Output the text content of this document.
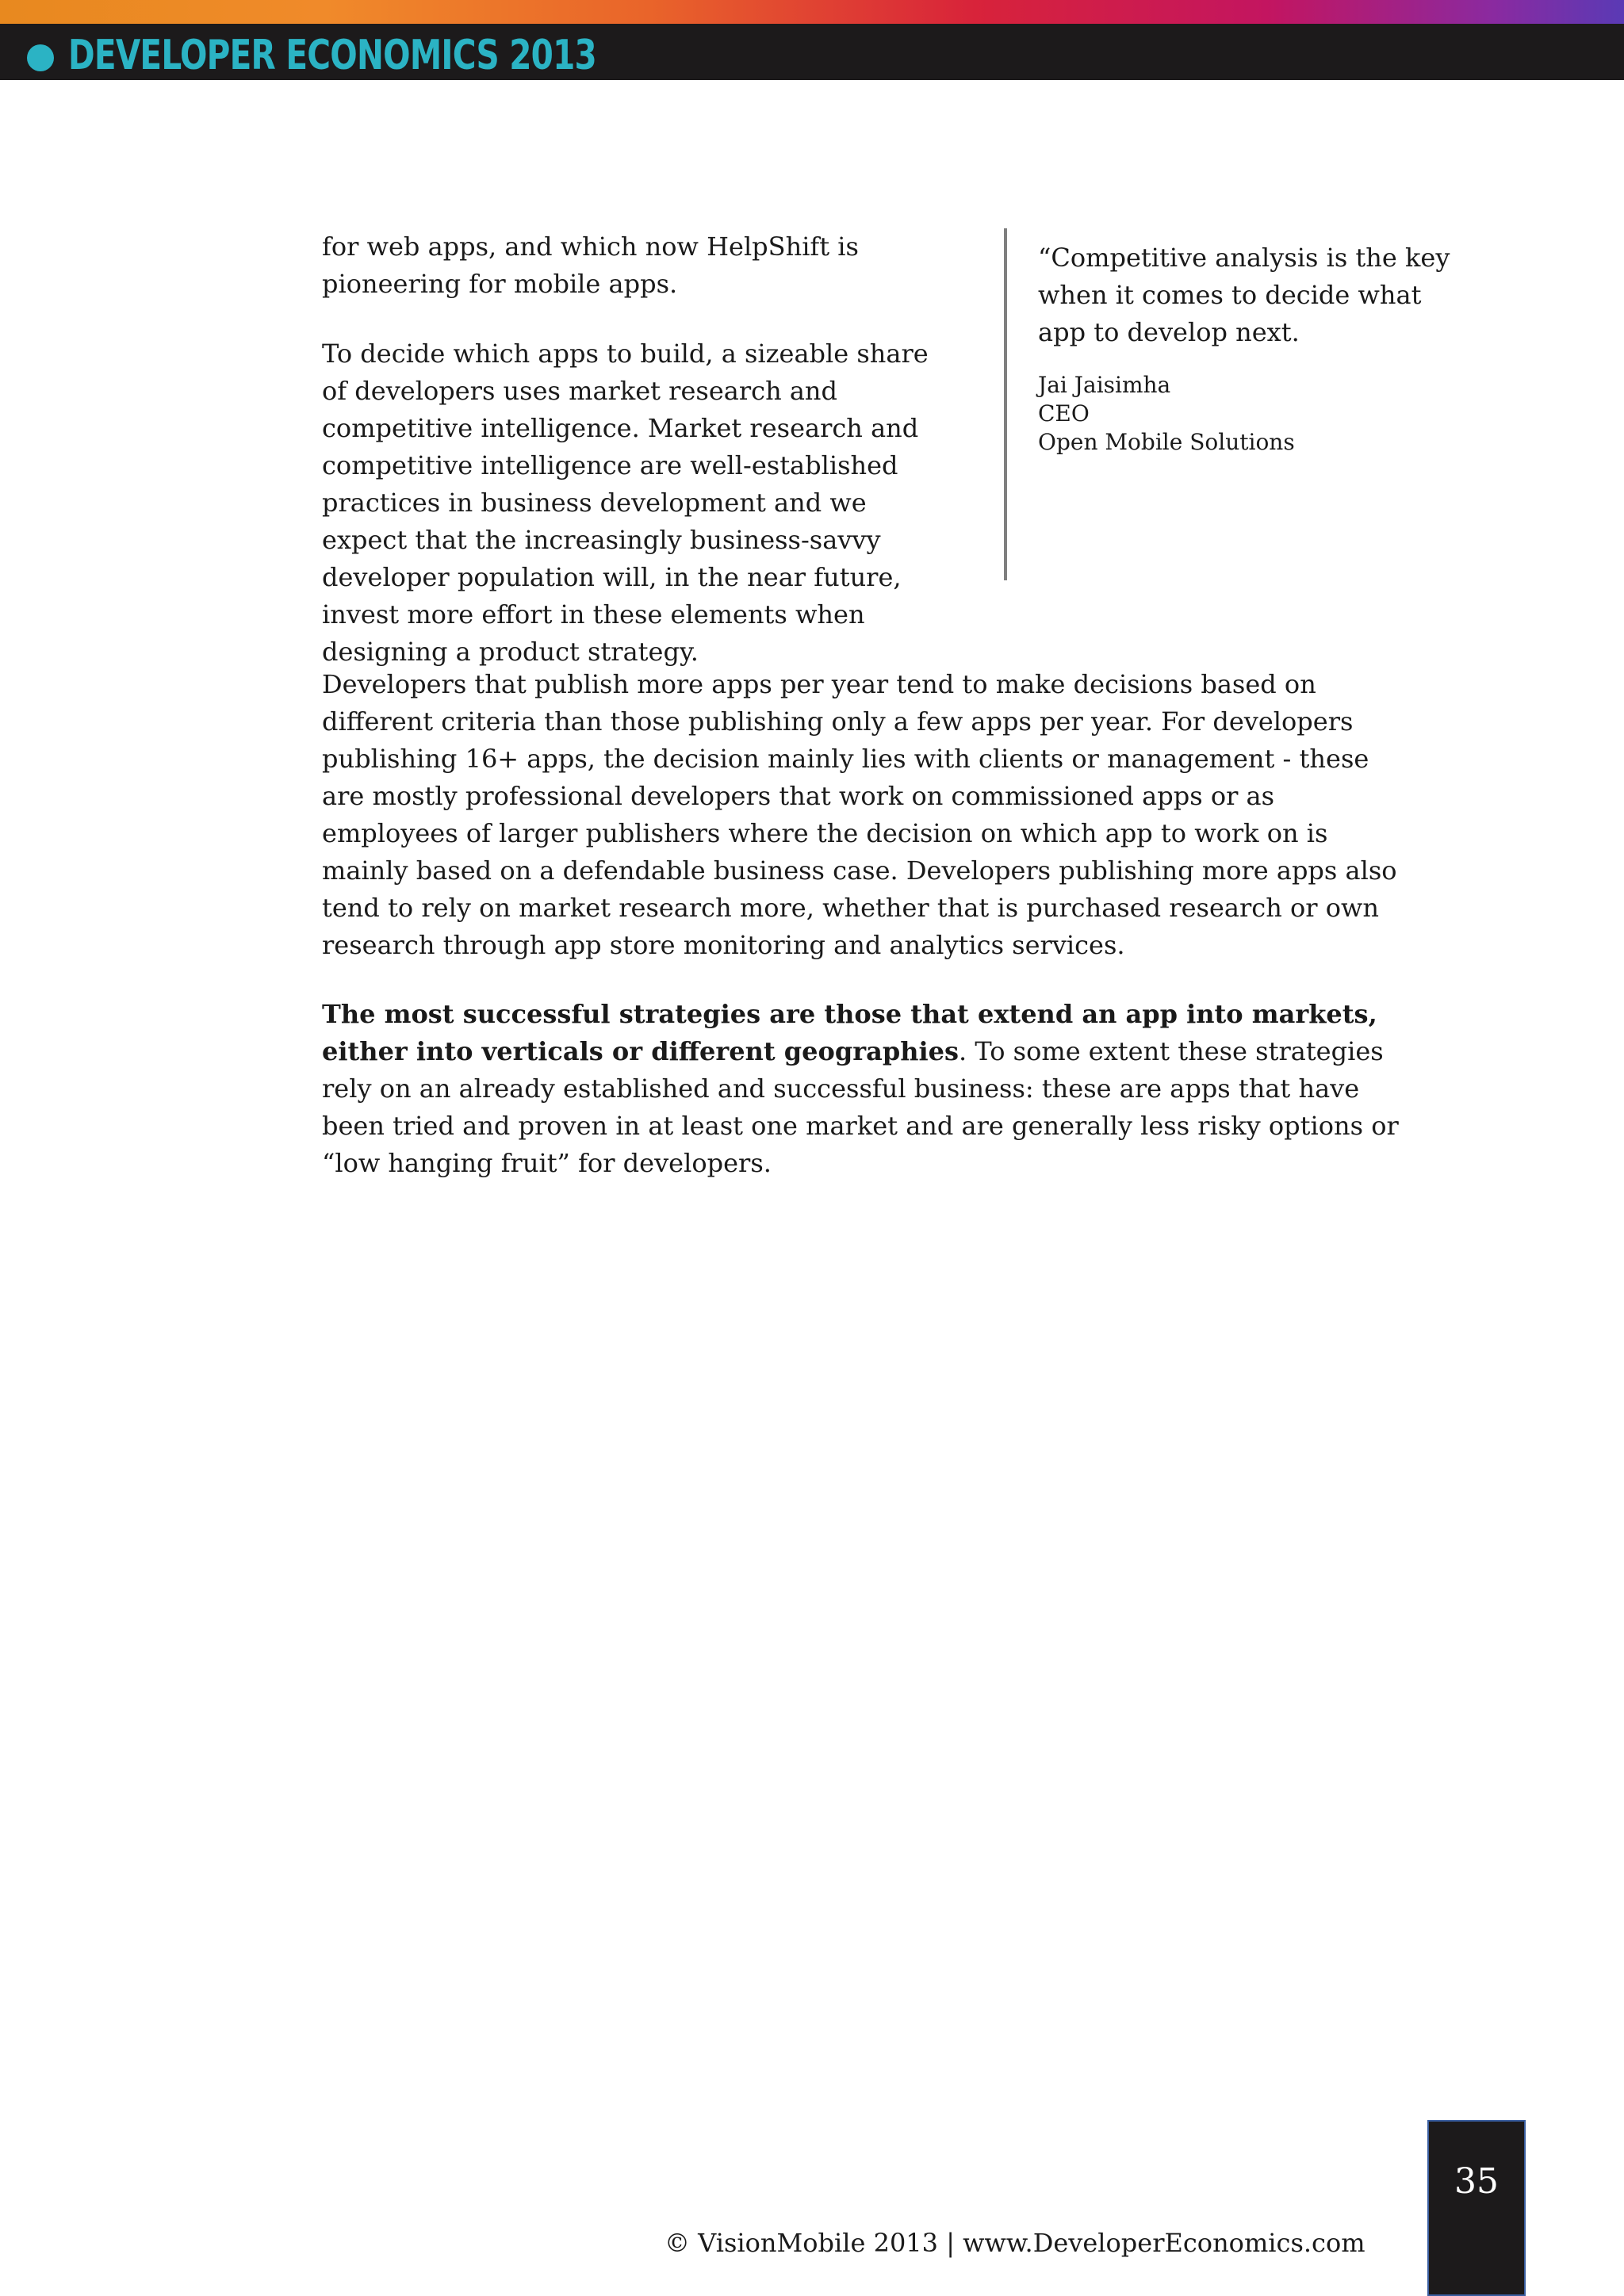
DEVELOPER ECONOMICS 2013

for web apps, and which now HelpShift is pioneering for mobile apps.

To decide which apps to build, a sizeable share of developers uses market research and competitive intelligence. Market research and competitive intelligence are well-established practices in business development and we expect that the increasingly business-savvy developer population will, in the near future, invest more effort in these elements when designing a product strategy.

“Competitive analysis is the key when it comes to decide what app to develop next.

Jai Jaisimha
CEO
Open Mobile Solutions

Developers that publish more apps per year tend to make decisions based on different criteria than those publishing only a few apps per year. For developers publishing 16+ apps, the decision mainly lies with clients or management - these are mostly professional developers that work on commissioned apps or as employees of larger publishers where the decision on which app to work on is mainly based on a defendable business case. Developers publishing more apps also tend to rely on market research more, whether that is purchased research or own research through app store monitoring and analytics services.

The most successful strategies are those that extend an app into markets, either into verticals or different geographies. To some extent these strategies rely on an already established and successful business: these are apps that have been tried and proven in at least one market and are generally less risky options or “low hanging fruit” for developers.

© VisionMobile 2013 | www.DeveloperEconomics.com
35
